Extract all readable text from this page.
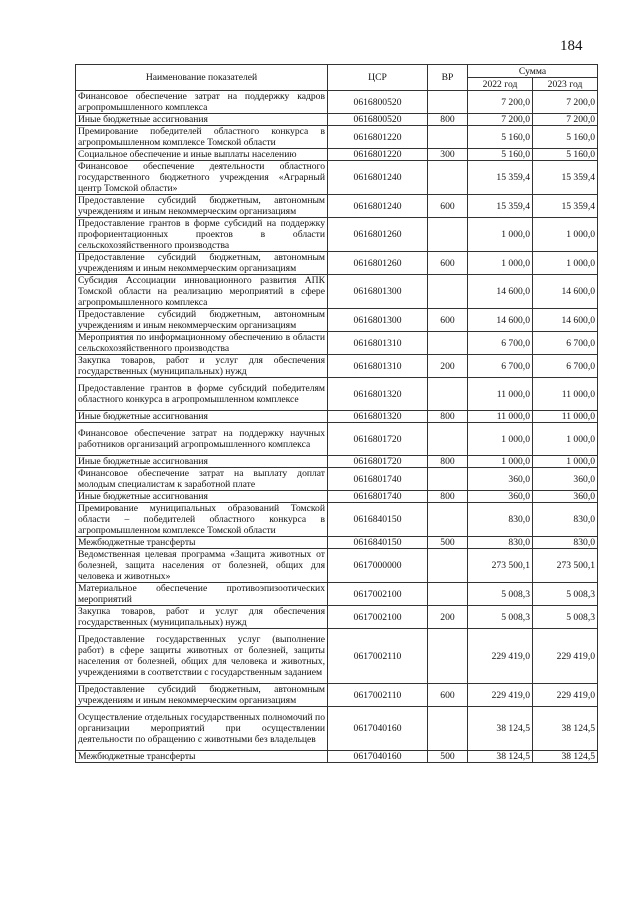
184
Наименование показателей	ЦСР	ВР	Сумма	
			2022 год	2023 год
Финансовое обеспечение затрат на поддержку кадров агропромышленного комплекса	0616800520		7 200,0	7 200,0
Иные бюджетные ассигнования	0616800520	800	7 200,0	7 200,0
Премирование победителей областного конкурса в агропромышленном комплексе Томской области	0616801220		5 160,0	5 160,0
Социальное обеспечение и иные выплаты населению	0616801220	300	5 160,0	5 160,0
Финансовое обеспечение деятельности областного государственного бюджетного учреждения «Аграрный центр Томской области»	0616801240		15 359,4	15 359,4
Предоставление субсидий бюджетным, автономным учреждениям и иным некоммерческим организациям	0616801240	600	15 359,4	15 359,4
Предоставление грантов в форме субсидий на поддержку профориентационных проектов в области сельскохозяйственного производства	0616801260		1 000,0	1 000,0
Предоставление субсидий бюджетным, автономным учреждениям и иным некоммерческим организациям	0616801260	600	1 000,0	1 000,0
Субсидия Ассоциации инновационного развития АПК Томской области на реализацию мероприятий в сфере агропромышленного комплекса	0616801300		14 600,0	14 600,0
Предоставление субсидий бюджетным, автономным учреждениям и иным некоммерческим организациям	0616801300	600	14 600,0	14 600,0
Мероприятия по информационному обеспечению в области сельскохозяйственного производства	0616801310		6 700,0	6 700,0
Закупка товаров, работ и услуг для обеспечения государственных (муниципальных) нужд	0616801310	200	6 700,0	6 700,0
Предоставление грантов в форме субсидий победителям областного конкурса в агропромышленном комплексе	0616801320		11 000,0	11 000,0
Иные бюджетные ассигнования	0616801320	800	11 000,0	11 000,0
Финансовое обеспечение затрат на поддержку научных работников организаций агропромышленного комплекса	0616801720		1 000,0	1 000,0
Иные бюджетные ассигнования	0616801720	800	1 000,0	1 000,0
Финансовое обеспечение затрат на выплату доплат молодым специалистам к заработной плате	0616801740		360,0	360,0
Иные бюджетные ассигнования	0616801740	800	360,0	360,0
Премирование муниципальных образований Томской области – победителей областного конкурса в агропромышленном комплексе Томской области	0616840150		830,0	830,0
Межбюджетные трансферты	0616840150	500	830,0	830,0
Ведомственная целевая программа «Защита животных от болезней, защита населения от болезней, общих для человека и животных»	0617000000		273 500,1	273 500,1
Материальное обеспечение противоэпизоотических мероприятий	0617002100		5 008,3	5 008,3
Закупка товаров, работ и услуг для обеспечения государственных (муниципальных) нужд	0617002100	200	5 008,3	5 008,3
Предоставление государственных услуг (выполнение работ) в сфере защиты животных от болезней, защиты населения от болезней, общих для человека и животных, учреждениями в соответствии с государственным заданием	0617002110		229 419,0	229 419,0
Предоставление субсидий бюджетным, автономным учреждениям и иным некоммерческим организациям	0617002110	600	229 419,0	229 419,0
Осуществление отдельных государственных полномочий по организации мероприятий при осуществлении деятельности по обращению с животными без владельцев	0617040160		38 124,5	38 124,5
Межбюджетные трансферты	0617040160	500	38 124,5	38 124,5
